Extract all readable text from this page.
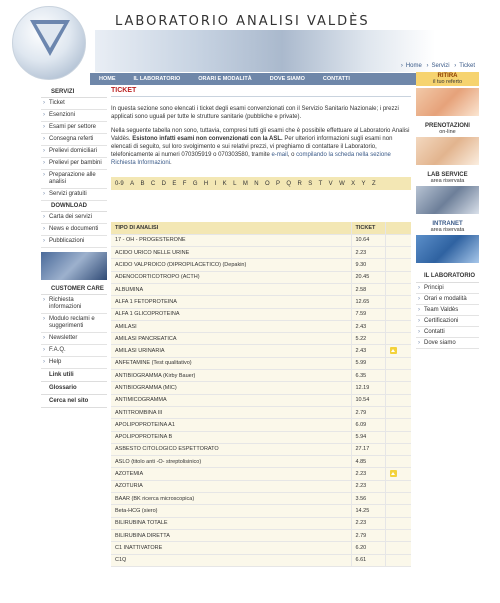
LABORATORIO ANALISI VALDÈS
› Home › Servizi › Ticket
HOME	IL LABORATORIO	ORARI E MODALITÀ	DOVE SIAMO	CONTATTI
SERVIZI
› Ticket
› Esenzioni
› Esami per settore
› Consegna referti
› Prelievi domiciliari
› Prelievi per bambini
› Preparazione alle analisi
› Servizi gratuiti
DOWNLOAD
› Carta dei servizi
› News e documenti
› Pubblicazioni
CUSTOMER CARE
› Richiesta informazioni
› Modulo reclami e suggerimenti
› Newsletter
› F.A.Q.
› Help
Link utili
Glossario
Cerca nel sito
TICKET

In questa sezione sono elencati i ticket degli esami convenzionati con il Servizio Sanitario Nazionale; i prezzi applicati sono uguali per tutte le strutture sanitarie (pubbliche e private).

Nella seguente tabella non sono, tuttavia, compresi tutti gli esami che è possibile effettuare al Laboratorio Analisi Valdès. Esistono infatti esami non convenzionati con la ASL. Per ulteriori informazioni sugli esami non elencati di seguito, sul loro svolgimento e sui relativi prezzi, vi preghiamo di contattare il Laboratorio, telefonicamente ai numeri 070305919 o 070303580, tramite e-mail, o compilando la scheda nella sezione Richiesta Informazioni.

0-9 A B C D E F G H I K L M N O P Q R S T V W X Y Z
TIPO DI ANALISI	TICKET	
17 - OH - PROGESTERONE	10.64	
ACIDO URICO NELLE URINE	2.23	
ACIDO VALPROICO (DIPROPILACETICO) (Depakin)	9.30	
ADENOCORTICOTROPO (ACTH)	20.45	
ALBUMINA	2.58	
ALFA 1 FETOPROTEINA	12.65	
ALFA 1 GLICOPROTEINA	7.59	
AMILASI	2.43	
AMILASI PANCREATICA	5.22	
AMILASI URINARIA	2.43	
ANFETAMINE (Test qualitativo)	5.99	
ANTIBIOGRAMMA (Kirby Bauer)	6.35	
ANTIBIOGRAMMA (MIC)	12.19	
ANTIMICOGRAMMA	10.54	
ANTITROMBINA III	2.79	
APOLIPOPROTEINA A1	6.09	
APOLIPOPROTEINA B	5.94	
ASBESTO CITOLOGICO ESPETTORATO	27.17	
ASLO (titolo anti -O- streptolisinico)	4.85	
AZOTEMIA	2.23	
AZOTURIA	2.23	
BAAR (BK ricerca microscopica)	3.56	
Beta-HCG (siero)	14.25	
BILIRUBINA TOTALE	2.23	
BILIRUBINA DIRETTA	2.79	
C1 INATTIVATORE	6.20	
C1Q	6.61	
RITIRA
il tuo referto
PRENOTAZIONI
on-line
LAB SERVICE
area riservata
INTRANET
area riservata
IL LABORATORIO
› Principi
› Orari e modalità
› Team Valdès
› Certificazioni
› Contatti
› Dove siamo
